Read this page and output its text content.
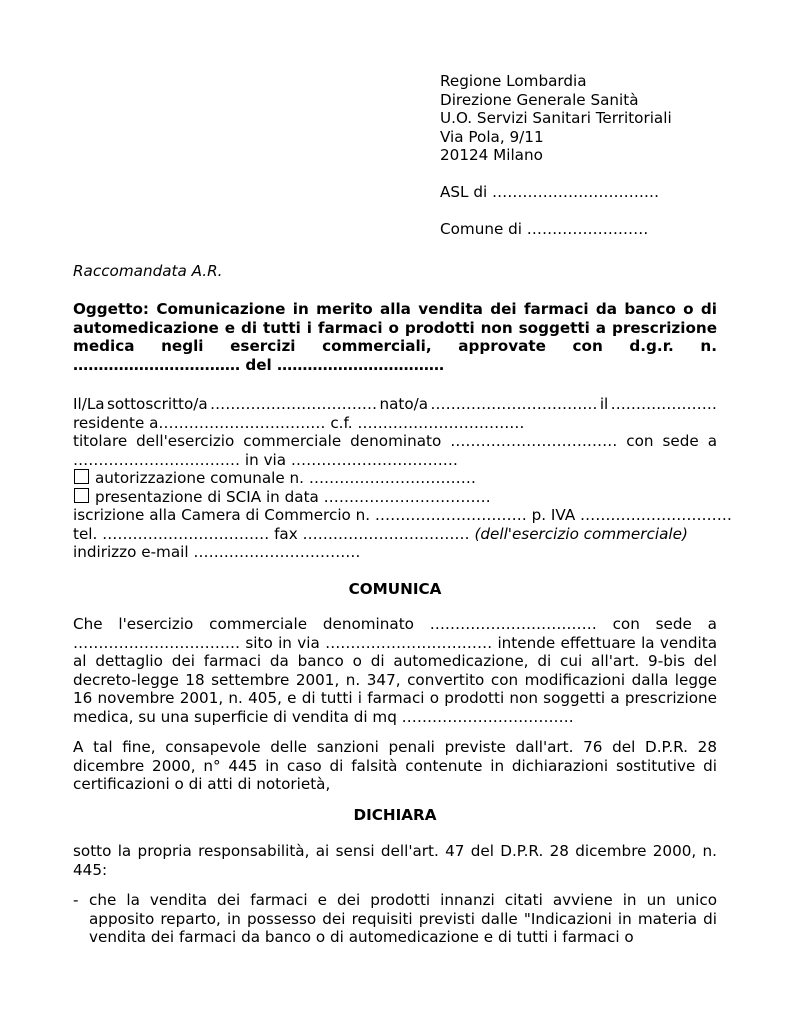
Regione Lombardia
Direzione Generale Sanità
U.O. Servizi Sanitari Territoriali
Via Pola, 9/11
20124 Milano
ASL di ……………………………
Comune di ……………………
Raccomandata A.R.
Oggetto: Comunicazione in merito alla vendita dei farmaci da banco o di automedicazione e di tutti i farmaci o prodotti non soggetti a prescrizione medica negli esercizi commerciali, approvate con d.g.r. n.
…………………………… del ……………………………
Il/La sottoscritto/a …………………………… nato/a …………………………… il …………………
residente a…………………………… c.f. ……………………………
titolare dell'esercizio commerciale denominato …………………………… con sede a
…………………………… in via ……………………………
autorizzazione comunale n. ……………………………
presentazione di SCIA in data ……………………………
iscrizione alla Camera di Commercio n. ………………………… p. IVA …………………………
tel. …………………………… fax ……………………………
(dell'esercizio commerciale)
indirizzo e-mail ……………………………
COMUNICA

Che l'esercizio commerciale denominato …………………………… con sede a …………………………… sito in via …………………………… intende effettuare la vendita al dettaglio dei farmaci da banco o di automedicazione, di cui all'art. 9-bis del decreto-legge 18 settembre 2001, n. 347, convertito con modificazioni dalla legge 16 novembre 2001, n. 405, e di tutti i farmaci o prodotti non soggetti a prescrizione medica, su una superficie di vendita di mq …………………………….

A tal fine, consapevole delle sanzioni penali previste dall'art. 76 del D.P.R. 28 dicembre 2000, n° 445 in caso di falsità contenute in dichiarazioni sostitutive di certificazioni o di atti di notorietà,

DICHIARA

sotto la propria responsabilità, ai sensi dell'art. 47 del D.P.R. 28 dicembre 2000, n. 445:

- che la vendita dei farmaci e dei prodotti innanzi citati avviene in un unico apposito reparto, in possesso dei requisiti previsti dalle "Indicazioni in materia di vendita dei farmaci da banco o di automedicazione e di tutti i farmaci o
